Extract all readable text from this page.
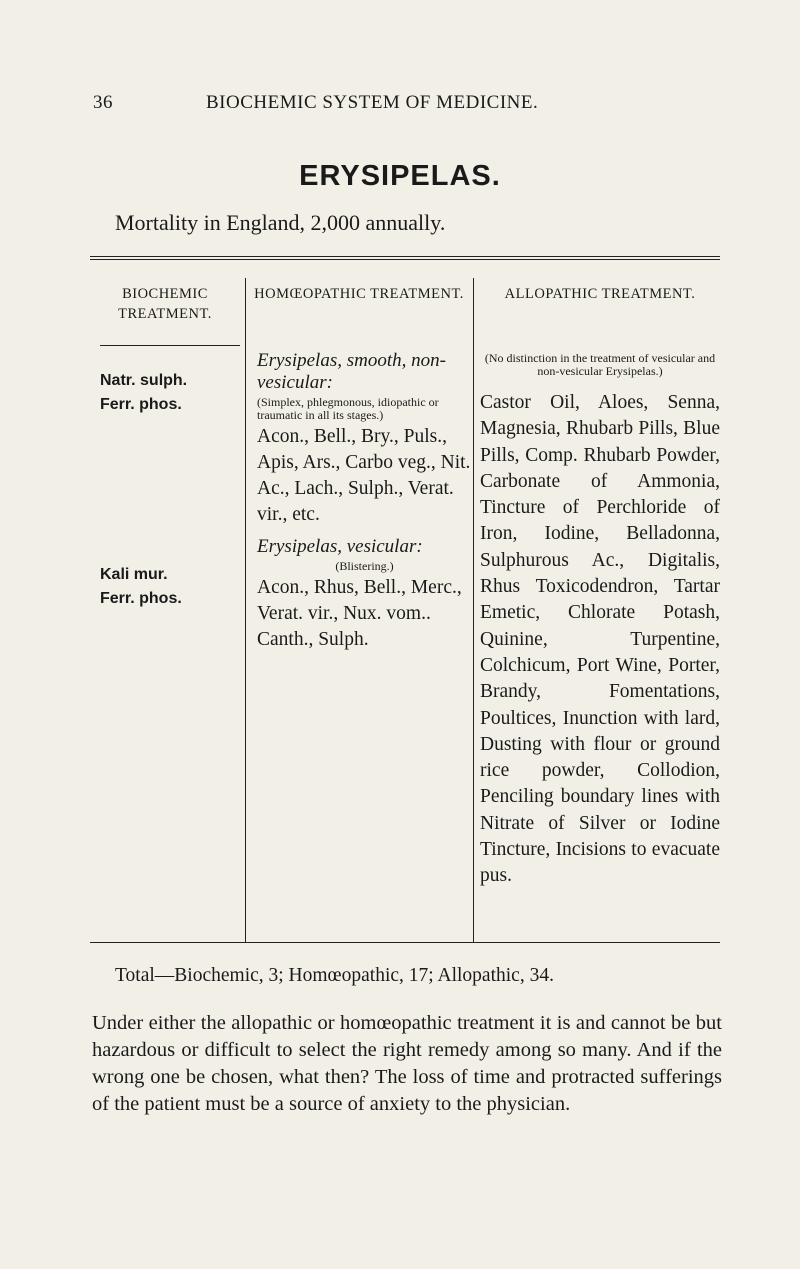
36	BIOCHEMIC SYSTEM OF MEDICINE.
ERYSIPELAS.
Mortality in England, 2,000 annually.
BIOCHEMIC TREATMENT.
HOMŒOPATHIC TREATMENT.	ALLOPATHIC TREATMENT.
Natr. sulph.
Ferr. phos.
Kali mur.
Ferr. phos.
Erysipelas, smooth, non-vesicular:
(Simplex, phlegmonous, idiopathic or traumatic in all its stages.)
Acon., Bell., Bry., Puls., Apis, Ars., Carbo veg., Nit. Ac., Lach., Sulph., Verat. vir., etc.
Erysipelas, vesicular:
(Blistering.)
Acon., Rhus, Bell., Merc., Verat. vir., Nux. vom.. Canth., Sulph.
(No distinction in the treatment of vesicular and non-vesicular Erysipelas.)
Castor Oil, Aloes, Senna, Magnesia, Rhubarb Pills, Blue Pills, Comp. Rhubarb Powder, Carbonate of Ammonia, Tincture of Perchloride of Iron, Iodine, Belladonna, Sulphurous Ac., Digitalis, Rhus Toxicodendron, Tartar Emetic, Chlorate Potash, Quinine, Turpentine, Colchicum, Port Wine, Porter, Brandy, Fomentations, Poultices, Inunction with lard, Dusting with flour or ground rice powder, Collodion, Penciling boundary lines with Nitrate of Silver or Iodine Tincture, Incisions to evacuate pus.
Total—Biochemic, 3; Homœopathic, 17; Allopathic, 34.
Under either the allopathic or homœopathic treatment it is and cannot be but hazardous or difficult to select the right remedy among so many. And if the wrong one be chosen, what then? The loss of time and protracted sufferings of the patient must be a source of anxiety to the physician.
